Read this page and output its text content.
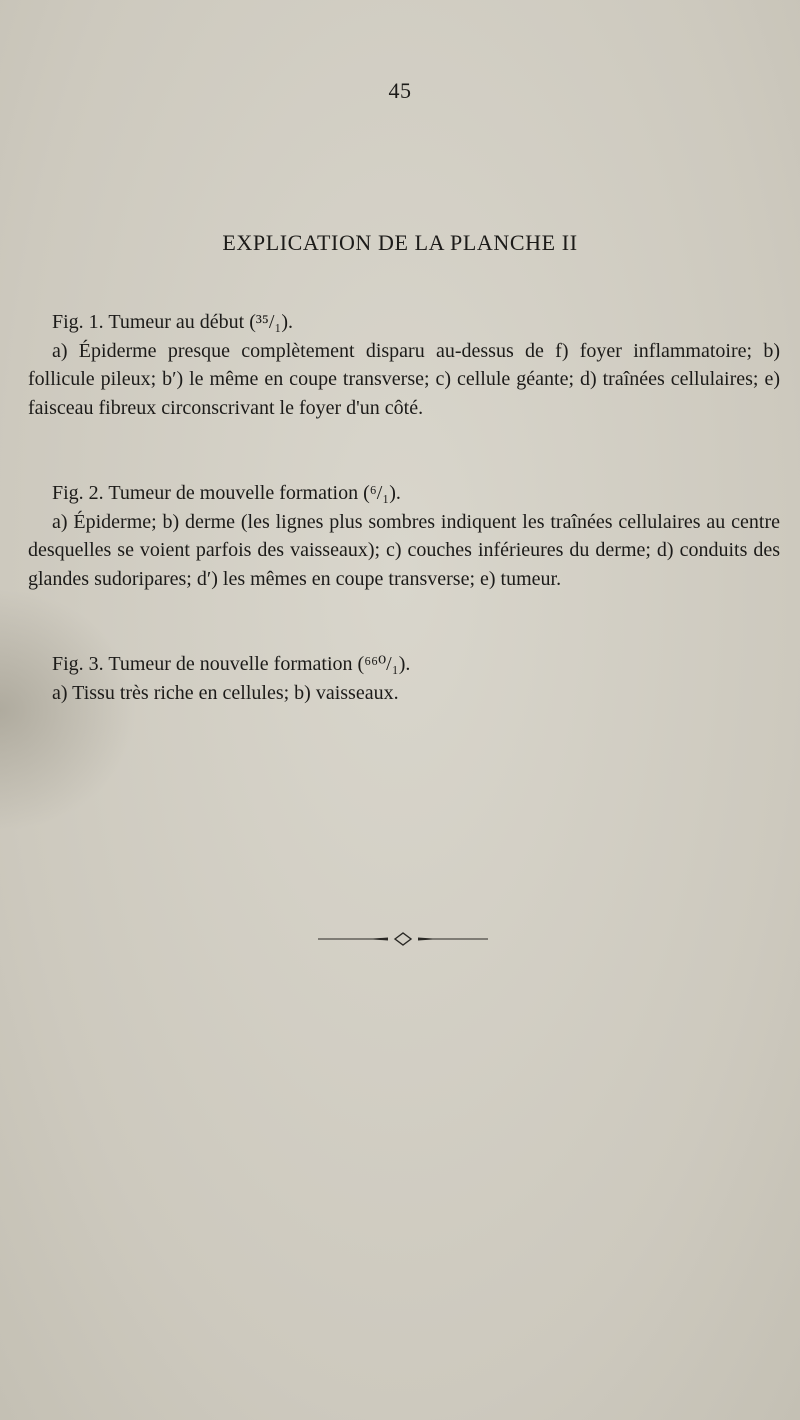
45
EXPLICATION DE LA PLANCHE II

Fig. 1. Tumeur au début (³⁵/₁).

a) Épiderme presque complètement disparu au-dessus de f) foyer inflammatoire; b) follicule pileux; b′) le même en coupe transverse; c) cellule géante; d) traînées cellulaires; e) faisceau fibreux circonscrivant le foyer d'un côté.

Fig. 2. Tumeur de mouvelle formation (⁶/₁).

a) Épiderme; b) derme (les lignes plus sombres indiquent les traînées cellulaires au centre desquelles se voient parfois des vaisseaux); c) couches inférieures du derme; d) conduits des glandes sudoripares; d′) les mêmes en coupe transverse; e) tumeur.

Fig. 3. Tumeur de nouvelle formation (⁶⁶⁰/₁).

a) Tissu très riche en cellules; b) vaisseaux.
